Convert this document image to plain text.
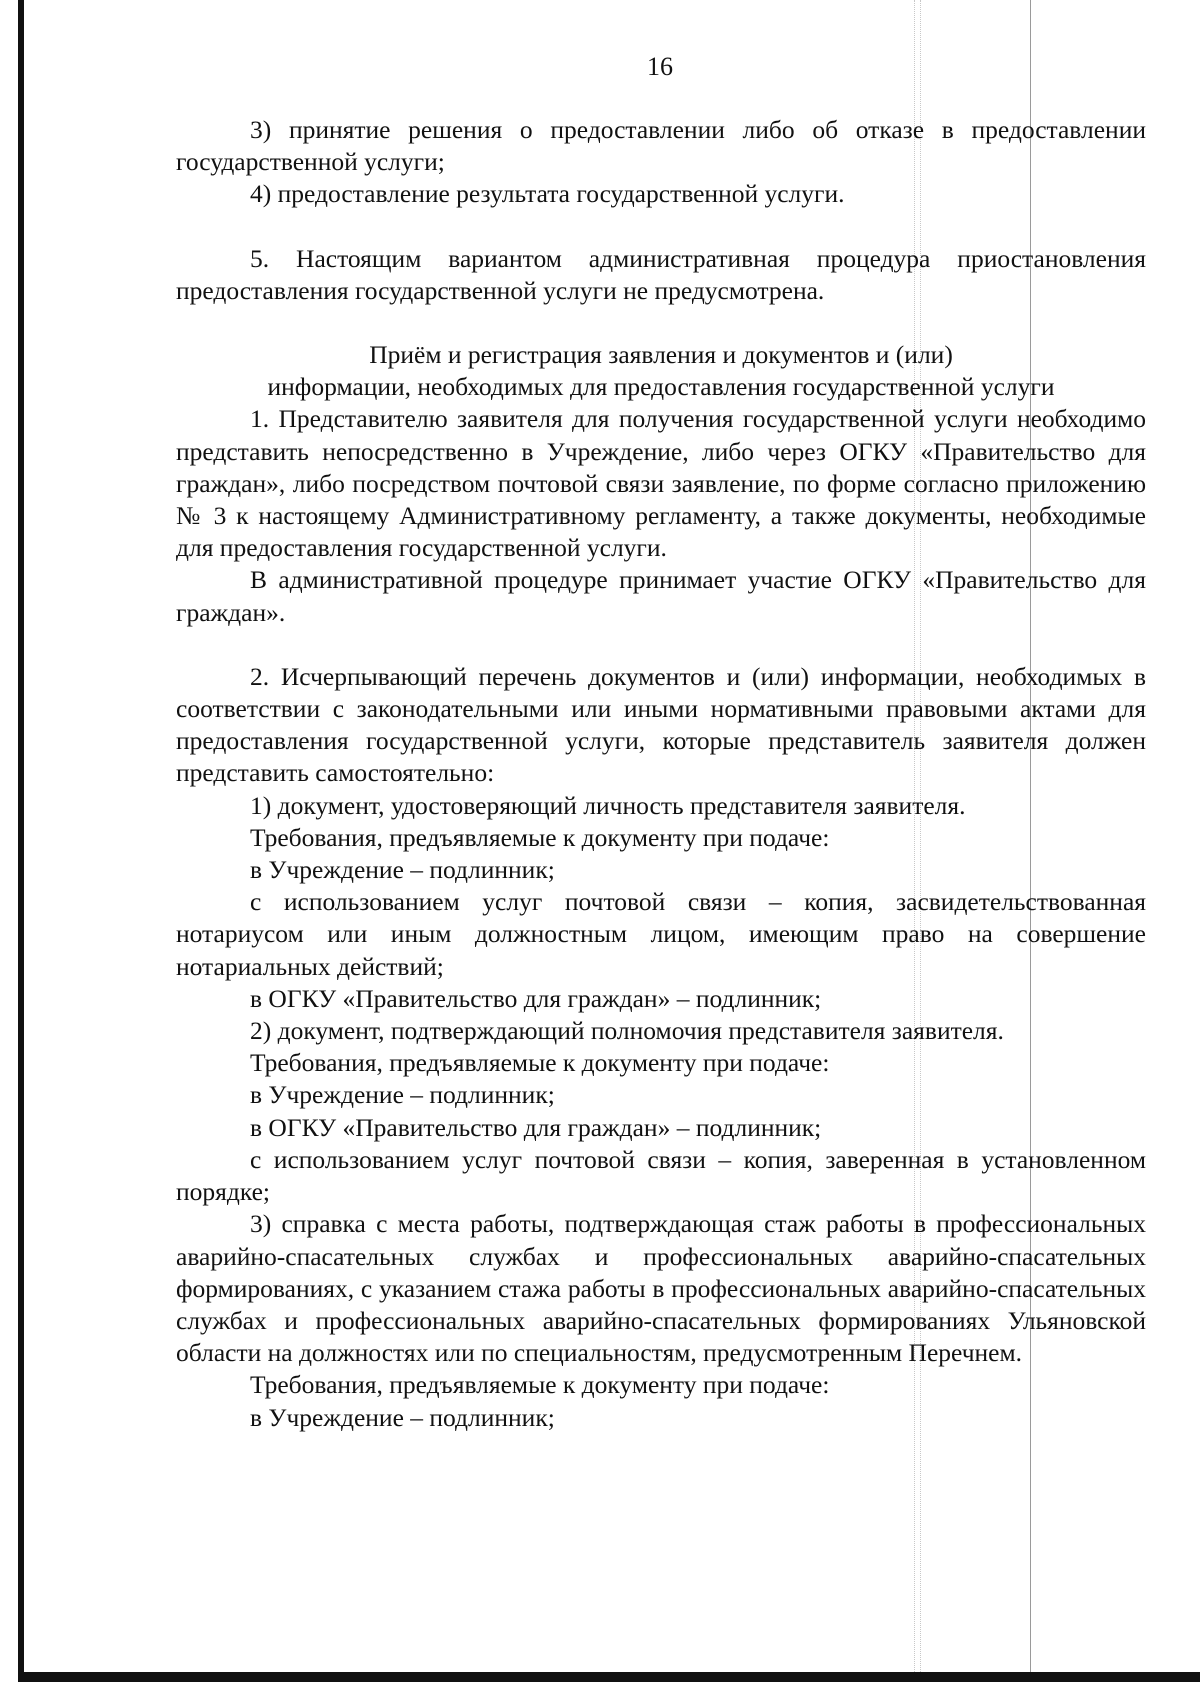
16

3) принятие решения о предоставлении либо об отказе в предоставлении государственной услуги;

4) предоставление результата государственной услуги.

5. Настоящим вариантом административная процедура приостановления предоставления государственной услуги не предусмотрена.

Приём и регистрация заявления и документов и (или)
информации, необходимых для предоставления государственной услуги

1. Представителю заявителя для получения государственной услуги необходимо представить непосредственно в Учреждение, либо через ОГКУ «Правительство для граждан», либо посредством почтовой связи заявление, по форме согласно приложению № 3 к настоящему Административному регламенту, а также документы, необходимые для предоставления государственной услуги.

В административной процедуре принимает участие ОГКУ «Правительство для граждан».

2. Исчерпывающий перечень документов и (или) информации, необходимых в соответствии с законодательными или иными нормативными правовыми актами для предоставления государственной услуги, которые представитель заявителя должен представить самостоятельно:

1) документ, удостоверяющий личность представителя заявителя.

Требования, предъявляемые к документу при подаче:

в Учреждение – подлинник;

с использованием услуг почтовой связи – копия, засвидетельствованная нотариусом или иным должностным лицом, имеющим право на совершение нотариальных действий;

в ОГКУ «Правительство для граждан» – подлинник;

2) документ, подтверждающий полномочия представителя заявителя.

Требования, предъявляемые к документу при подаче:

в Учреждение – подлинник;

в ОГКУ «Правительство для граждан» – подлинник;

с использованием услуг почтовой связи – копия, заверенная в установленном порядке;

3) справка с места работы, подтверждающая стаж работы в профессиональных аварийно-спасательных службах и профессиональных аварийно-спасательных формированиях, с указанием стажа работы в профессиональных аварийно-спасательных службах и профессиональных аварийно-спасательных формированиях Ульяновской области на должностях или по специальностям, предусмотренным Перечнем.

Требования, предъявляемые к документу при подаче:

в Учреждение – подлинник;
